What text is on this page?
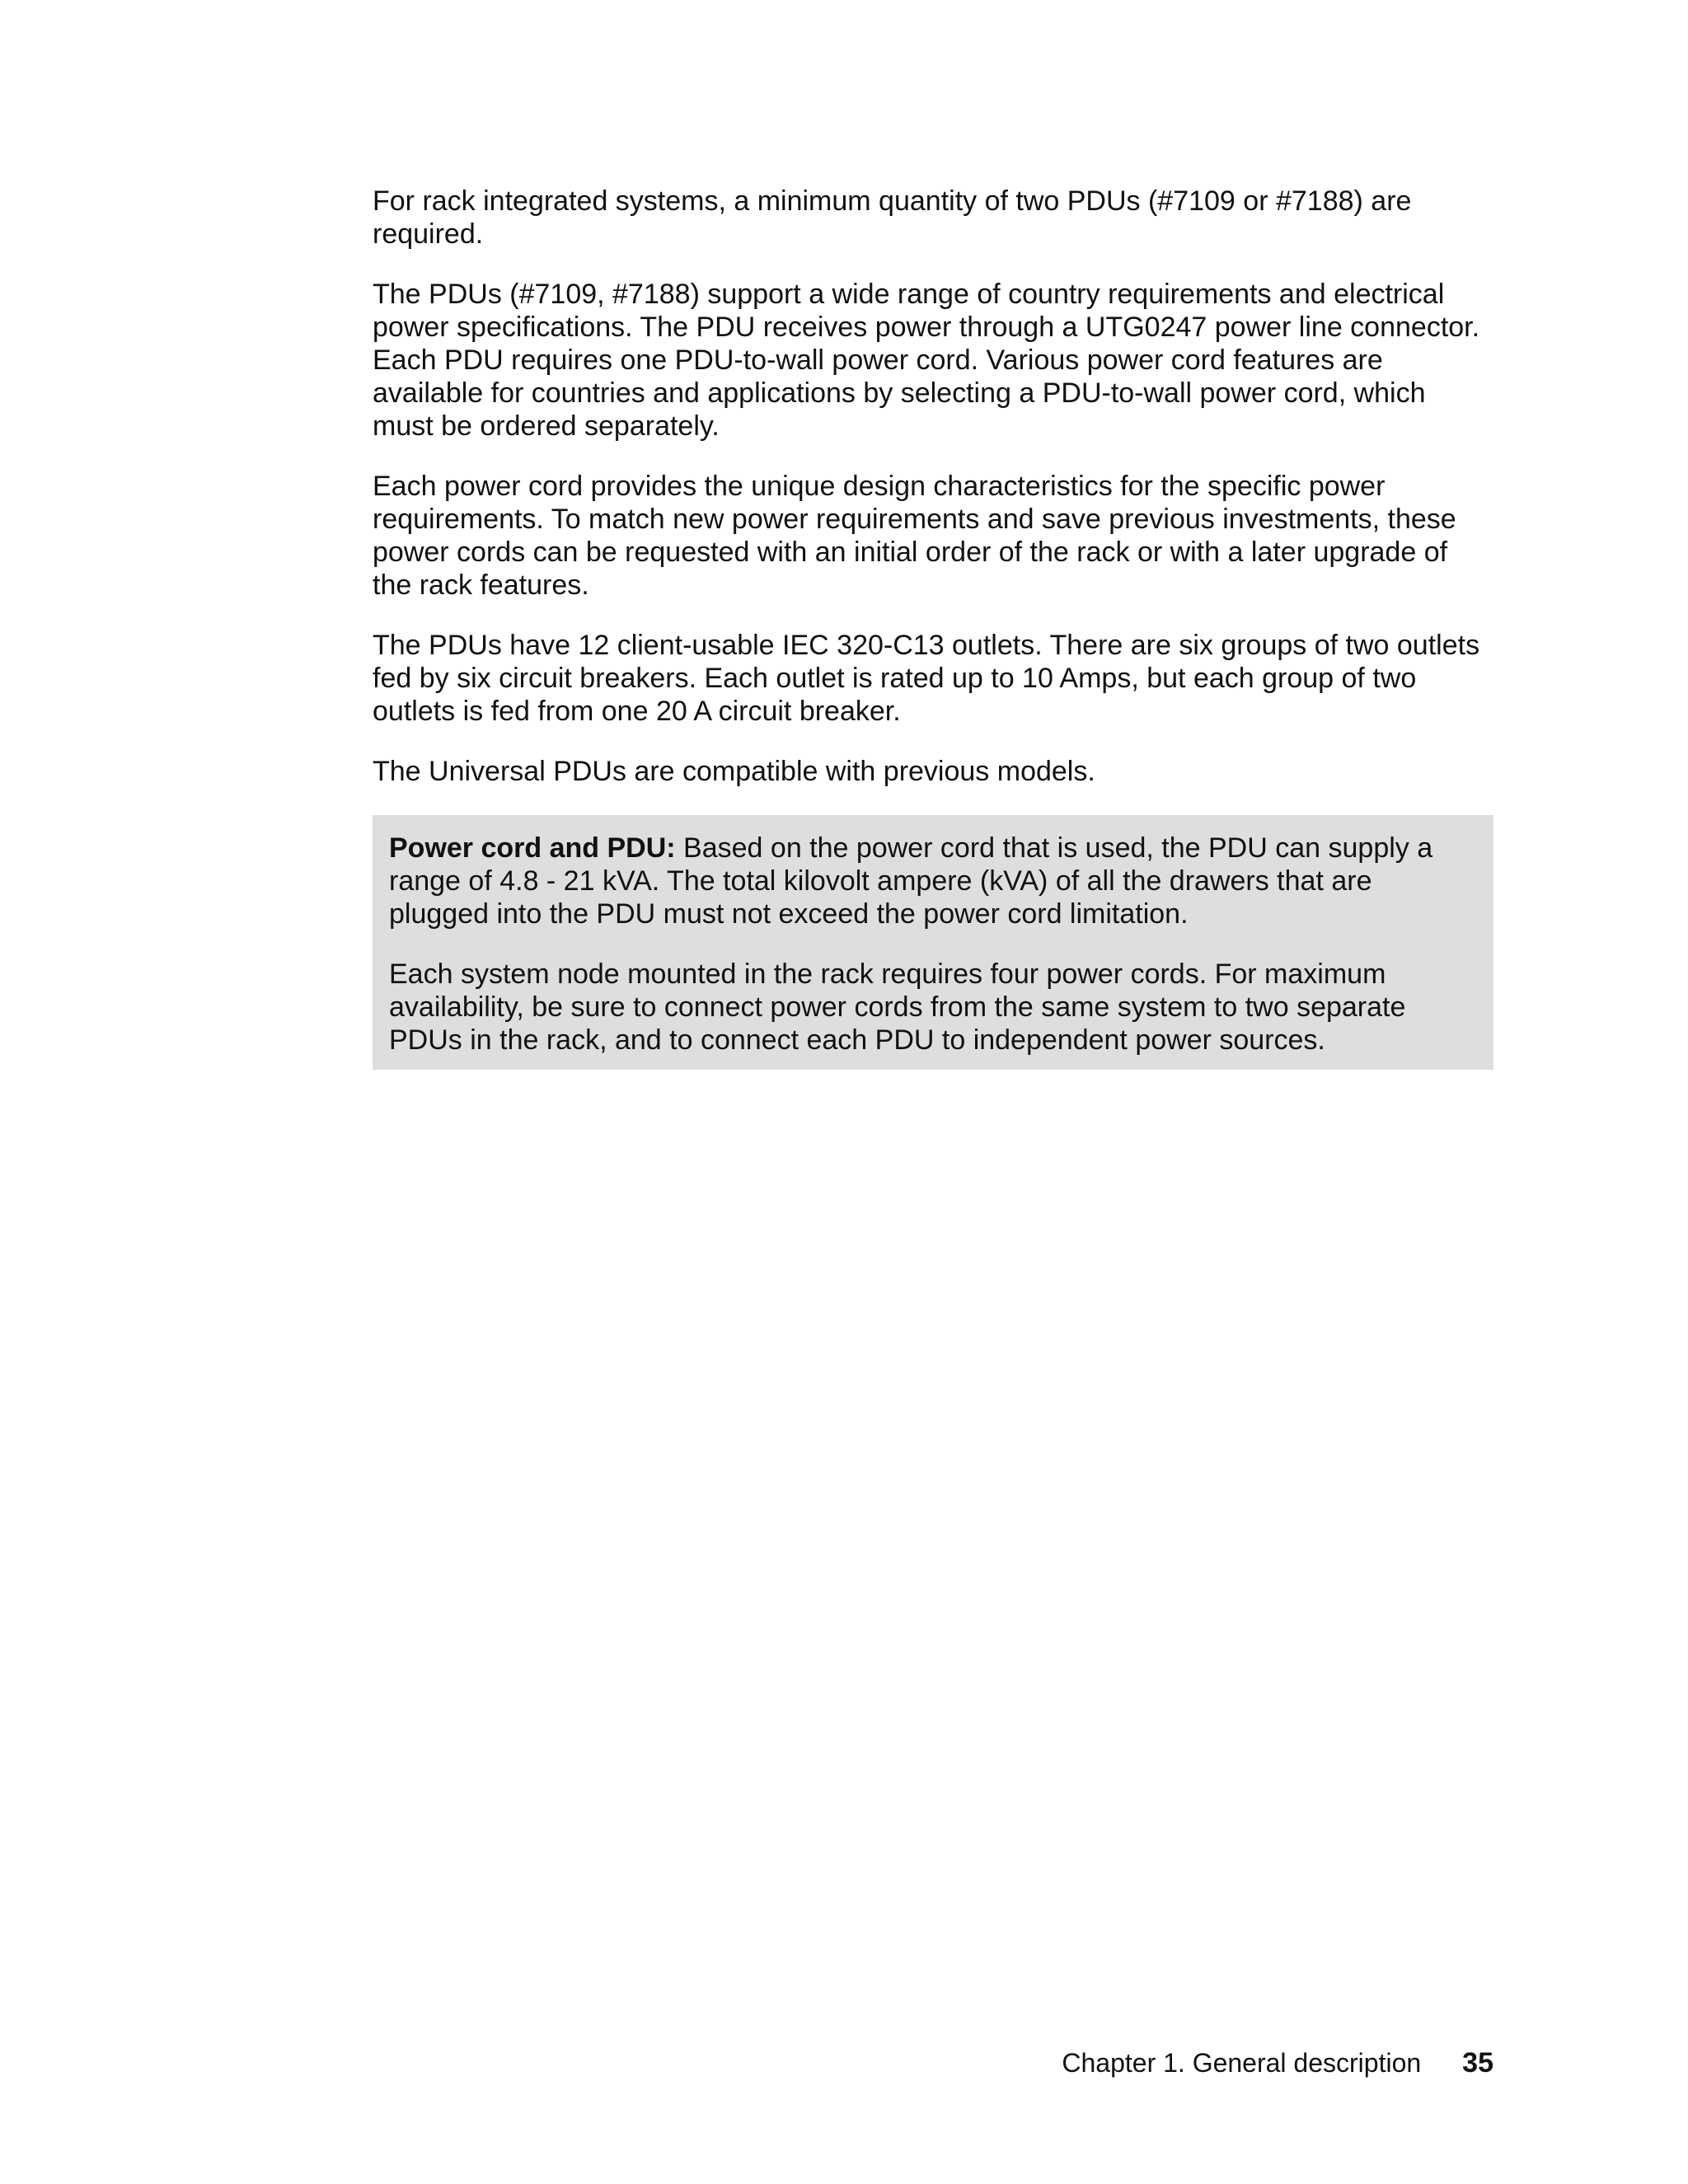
For rack integrated systems, a minimum quantity of two PDUs (#7109 or #7188) are required.

The PDUs (#7109, #7188) support a wide range of country requirements and electrical power specifications. The PDU receives power through a UTG0247 power line connector. Each PDU requires one PDU-to-wall power cord. Various power cord features are available for countries and applications by selecting a PDU-to-wall power cord, which must be ordered separately.

Each power cord provides the unique design characteristics for the specific power requirements. To match new power requirements and save previous investments, these power cords can be requested with an initial order of the rack or with a later upgrade of the rack features.

The PDUs have 12 client-usable IEC 320-C13 outlets. There are six groups of two outlets fed by six circuit breakers. Each outlet is rated up to 10 Amps, but each group of two outlets is fed from one 20 A circuit breaker.

The Universal PDUs are compatible with previous models.

Power cord and PDU: Based on the power cord that is used, the PDU can supply a range of 4.8 - 21 kVA. The total kilovolt ampere (kVA) of all the drawers that are plugged into the PDU must not exceed the power cord limitation.

Each system node mounted in the rack requires four power cords. For maximum availability, be sure to connect power cords from the same system to two separate PDUs in the rack, and to connect each PDU to independent power sources.

Chapter 1. General description 35
